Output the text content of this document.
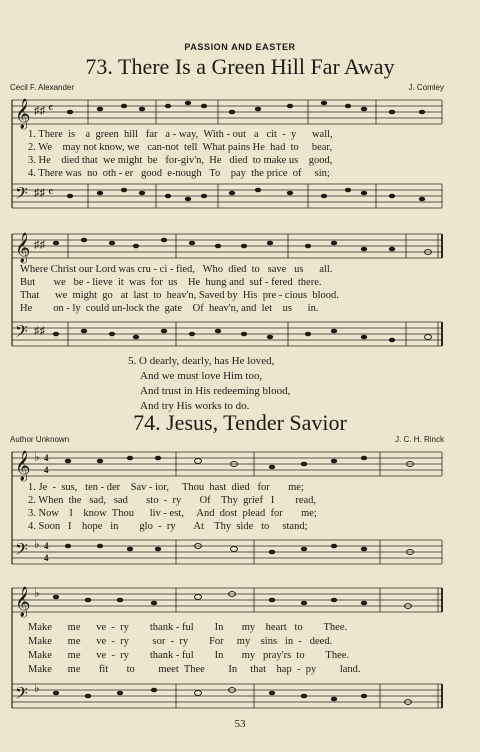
PASSION AND EASTER
73. There Is a Green Hill Far Away
Cecil F. Alexander	J. Comley
𝄞
𝄢
♯♯
♯♯
𝄴
𝄴
1. There  is    a  green  hill   far   a - way,  With - out   a   cit  -  y      wall,
2. We    may not know, we   can-not  tell  What pains He  had  to     bear,
3. He    died that  we might  be   for-giv'n,  He   died  to make us    good,
4. There was  no  oth - er   good  e-nough   To    pay  the price  of     sin;
𝄞
𝄢
♯♯
♯♯
Where Christ our Lord was cru - ci - fied,   Who  died  to   save   us      all.
But       we   be - lieve  it  was  for  us    He  hung and  suf - fered  there.
That      we  might  go   at  last  to  heav'n, Saved by  His  pre - cious  blood.
He        on - ly  could un-lock the  gate    Of  heav'n, and  let    us      in.
5. O dearly, dearly, has He loved,
And we must love Him too,
And trust in His redeeming blood,
And try His works to do.
74. Jesus, Tender Savior
Author Unknown	J. C. H. Rinck
𝄞
𝄢
♭
♭
4
4
4
4
1. Je  -  sus,   ten - der    Sav - ior,     Thou  hast  died   for       me;
2. When  the   sad,   sad       sto  -  ry       Of    Thy  grief   I        read,
3. Now    I    know  Thou      liv - est,     And  dost  plead  for       me;
4. Soon   I    hope   in        glo  -  ry       At    Thy  side   to     stand;
𝄞
𝄢
♭
♭
Make      me      ve  -  ry        thank - ful        In       my    heart   to        Thee.
Make      me      ve  -  ry         sor  -  ry        For     my    sins   in  -   deed.
Make      me      ve  -  ry        thank - ful        In       my   pray'rs  to        Thee.
Make      me       fit       to         meet  Thee         In     that    hap  -  py         land.
53
